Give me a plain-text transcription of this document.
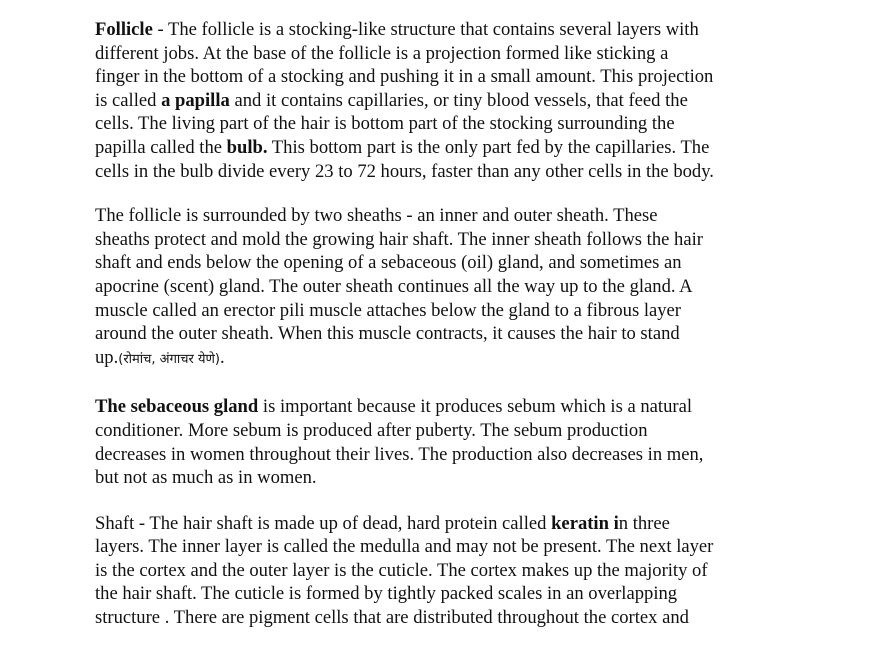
Follicle - The follicle is a stocking-like structure that contains several layers with
different jobs. At the base of the follicle is a projection formed like sticking a
finger in the bottom of a stocking and pushing it in a small amount. This projection
is called a papilla and it contains capillaries, or tiny blood vessels, that feed the
cells. The living part of the hair is bottom part of the stocking surrounding the
papilla called the bulb. This bottom part is the only part fed by the capillaries. The
cells in the bulb divide every 23 to 72 hours, faster than any other cells in the body.
The follicle is surrounded by two sheaths - an inner and outer sheath. These
sheaths protect and mold the growing hair shaft. The inner sheath follows the hair
shaft and ends below the opening of a sebaceous (oil) gland, and sometimes an
apocrine (scent) gland. The outer sheath continues all the way up to the gland. A
muscle called an erector pili muscle attaches below the gland to a fibrous layer
around the outer sheath. When this muscle contracts, it causes the hair to stand
up.(रोमांच, अंगाचर येणे).
The sebaceous gland is important because it produces sebum which is a natural
conditioner. More sebum is produced after puberty. The sebum production
decreases in women throughout their lives. The production also decreases in men,
but not as much as in women.
Shaft - The hair shaft is made up of dead, hard protein called keratin in three
layers. The inner layer is called the medulla and may not be present. The next layer
is the cortex and the outer layer is the cuticle. The cortex makes up the majority of
the hair shaft. The cuticle is formed by tightly packed scales in an overlapping
structure . There are pigment cells that are distributed throughout the cortex and
